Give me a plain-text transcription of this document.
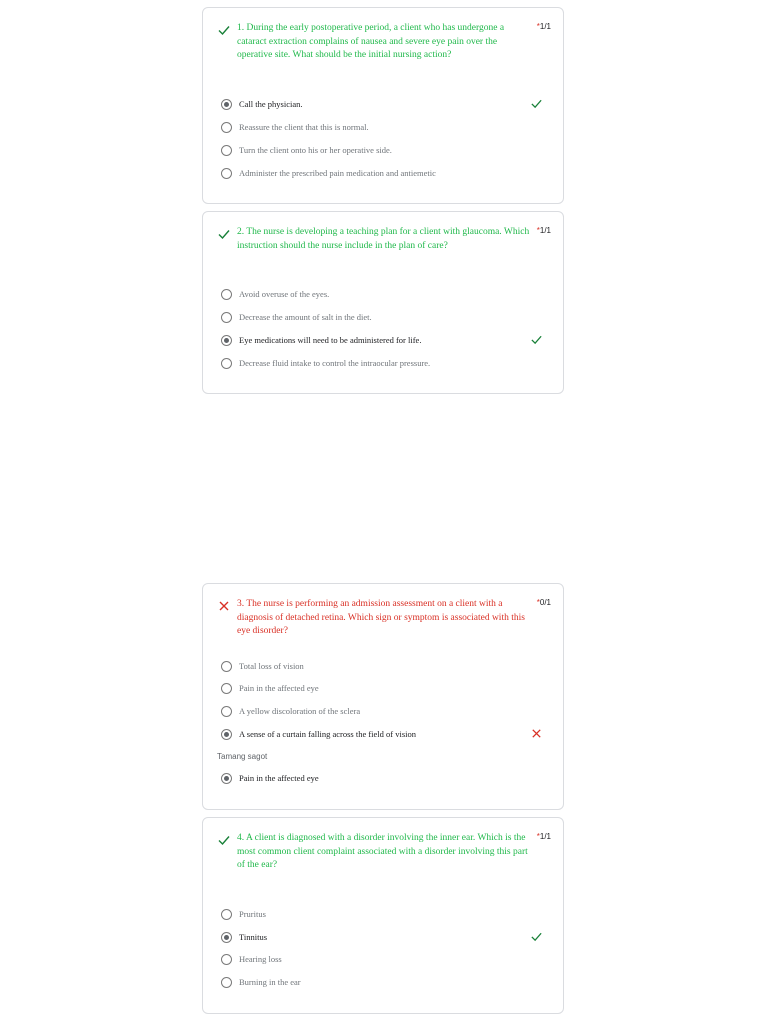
1. During the early postoperative period, a client who has undergone a cataract extraction complains of nausea and severe eye pain over the operative site. What should be the initial nursing action?
*1/1
Call the physician.
Reassure the client that this is normal.
Turn the client onto his or her operative side.
Administer the prescribed pain medication and antiemetic
2. The nurse is developing a teaching plan for a client with glaucoma. Which instruction should the nurse include in the plan of care?
*1/1
Avoid overuse of the eyes.
Decrease the amount of salt in the diet.
Eye medications will need to be administered for life.
Decrease fluid intake to control the intraocular pressure.
3. The nurse is performing an admission assessment on a client with a diagnosis of detached retina. Which sign or symptom is associated with this eye disorder?
*0/1
Total loss of vision
Pain in the affected eye
A yellow discoloration of the sclera
A sense of a curtain falling across the field of vision
Tamang sagot
Pain in the affected eye
4. A client is diagnosed with a disorder involving the inner ear. Which is the most common client complaint associated with a disorder involving this part of the ear?
*1/1
Pruritus
Tinnitus
Hearing loss
Burning in the ear
